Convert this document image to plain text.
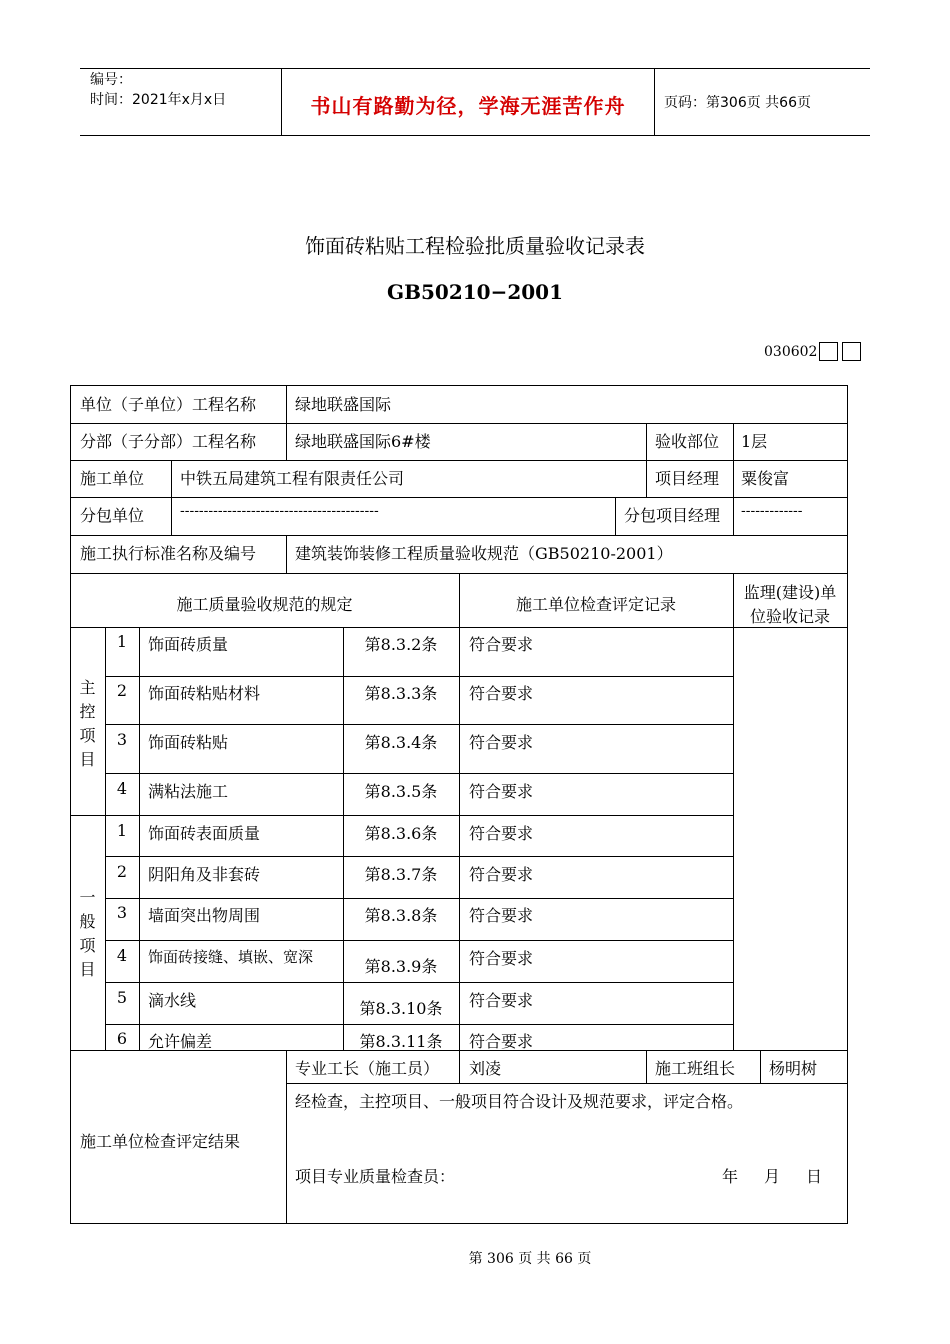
编号：
时间：2021年x月x日	书山有路勤为径，学海无涯苦作舟	页码：第306页 共66页
饰面砖粘贴工程检验批质量验收记录表
GB50210−2001
030602
单位（子单位）工程名称 绿地联盛国际
分部（子分部）工程名称 绿地联盛国际6#楼	验收部位 1层
施工单位 中铁五局建筑工程有限责任公司	项目经理 粟俊富
分包单位	------------------------------------------	分包项目经理 -------------
施工执行标准名称及编号 建筑装饰装修工程质量验收规范（GB50210-2001）
施工质量验收规范的规定	施工单位检查评定记录
监理(建设)单
位验收记录
主
控
项
目
1	饰面砖质量	第8.3.2条	符合要求
2	饰面砖粘贴材料	第8.3.3条	符合要求
3	饰面砖粘贴	第8.3.4条	符合要求
4	满粘法施工	第8.3.5条	符合要求
一
般
项
目
1	饰面砖表面质量	第8.3.6条	符合要求
2	阴阳角及非套砖	第8.3.7条	符合要求
3	墙面突出物周围	第8.3.8条	符合要求
4	饰面砖接缝、填嵌、宽深	第8.3.9条	符合要求
5	滴水线	第8.3.10条	符合要求
6	允许偏差	第8.3.11条	符合要求
施工单位检查评定结果
专业工长（施工员） 刘凌	施工班组长 杨明树
经检查，主控项目、一般项目符合设计及规范要求，评定合格。
项目专业质量检查员：	年 月 日
第 306 页 共 66 页
